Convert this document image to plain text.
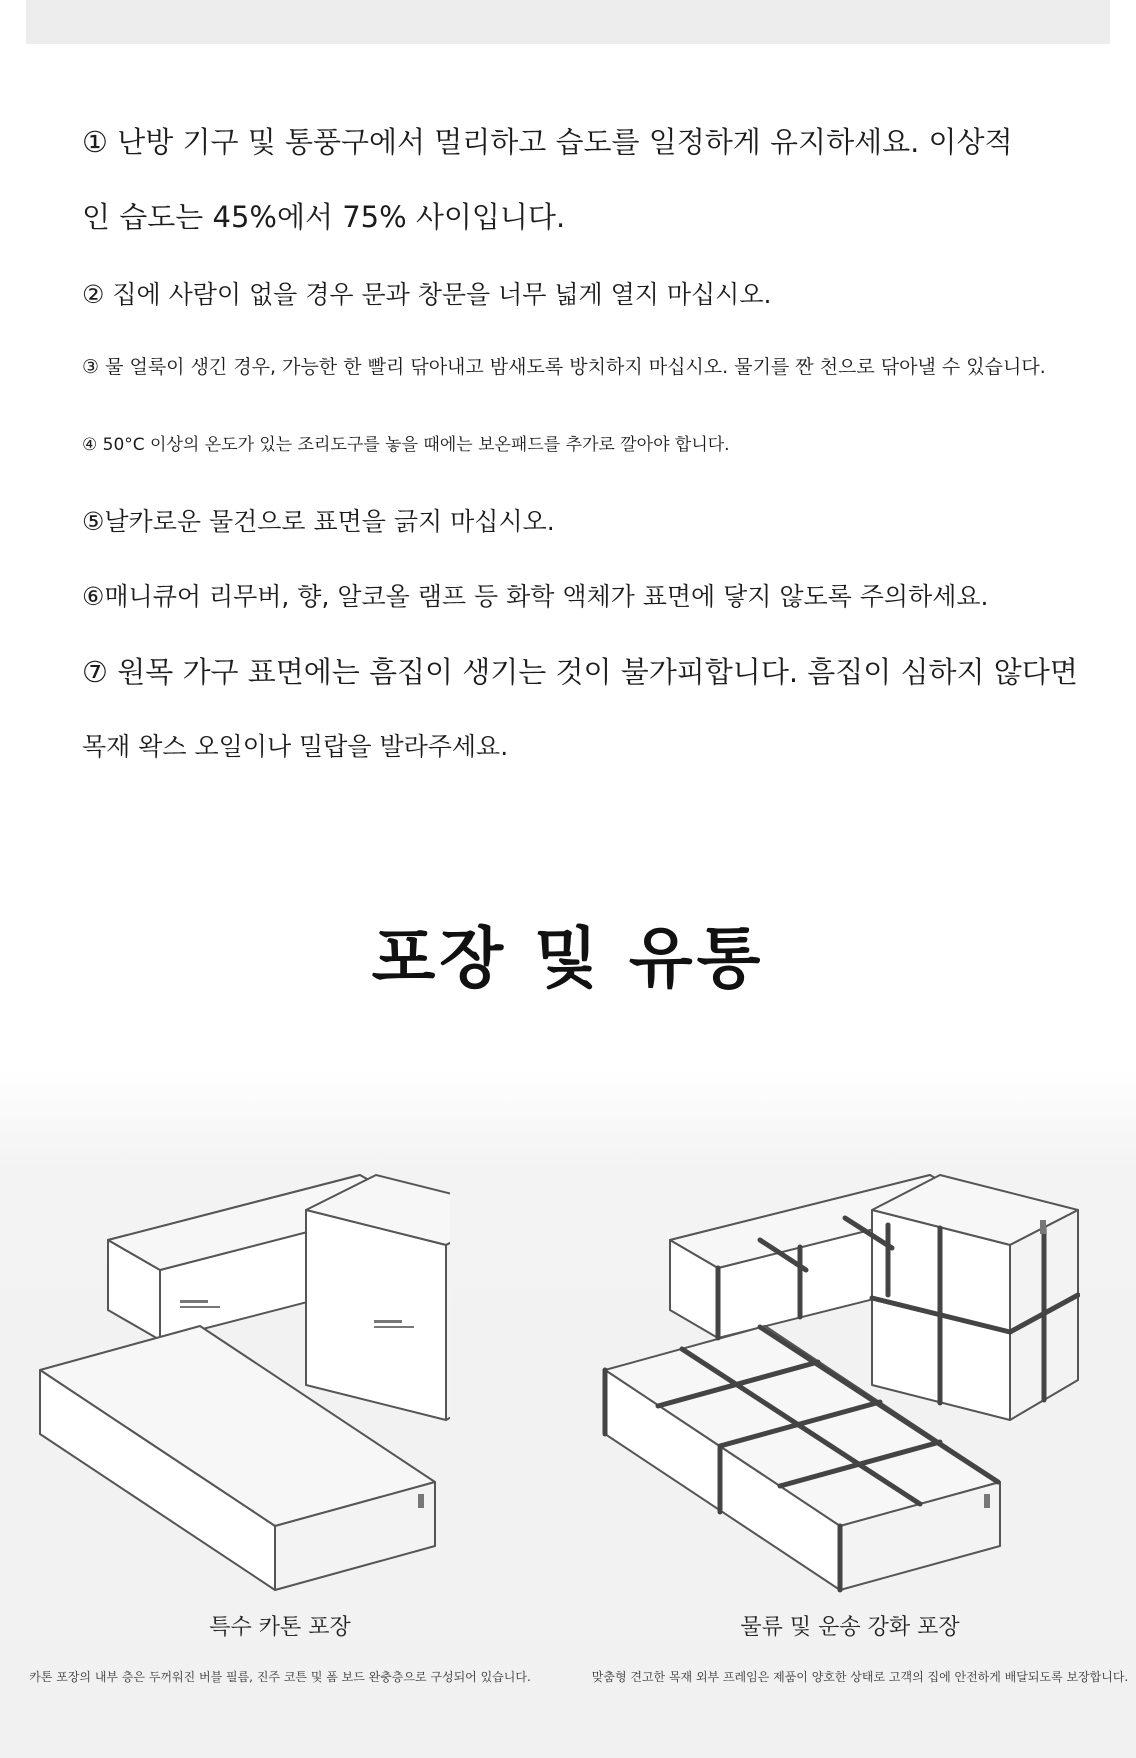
① 난방 기구 및 통풍구에서 멀리하고 습도를 일정하게 유지하세요. 이상적
인 습도는 45%에서 75% 사이입니다.
② 집에 사람이 없을 경우 문과 창문을 너무 넓게 열지 마십시오.
③ 물 얼룩이 생긴 경우, 가능한 한 빨리 닦아내고 밤새도록 방치하지 마십시오. 물기를 짠 천으로 닦아낼 수 있습니다.
④ 50°C 이상의 온도가 있는 조리도구를 놓을 때에는 보온패드를 추가로 깔아야 합니다.
⑤날카로운 물건으로 표면을 긁지 마십시오.
⑥매니큐어 리무버, 향, 알코올 램프 등 화학 액체가 표면에 닿지 않도록 주의하세요.
⑦ 원목 가구 표면에는 흠집이 생기는 것이 불가피합니다. 흠집이 심하지 않다면
목재 왁스 오일이나 밀랍을 발라주세요.
포장 및 유통
특수 카톤 포장
카톤 포장의 내부 층은 두꺼워진 버블 필름, 진주 코튼 및 폼 보드 완충층으로 구성되어 있습니다.
물류 및 운송 강화 포장
맞춤형 견고한 목재 외부 프레임은 제품이 양호한 상태로 고객의 집에 안전하게 배달되도록 보장합니다.
